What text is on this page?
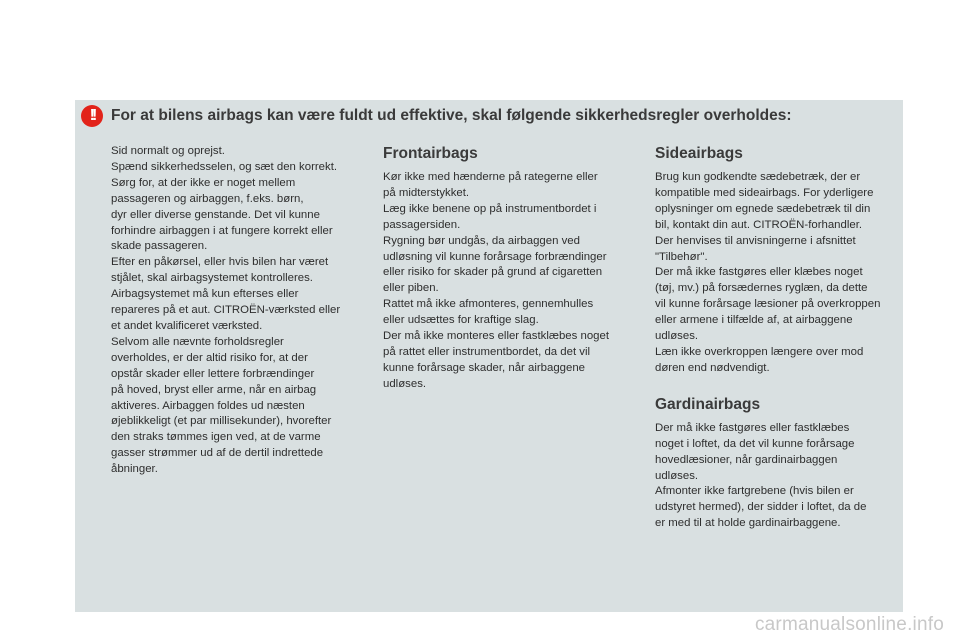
!!	For at bilens airbags kan være fuldt ud effektive, skal følgende sikkerhedsregler overholdes:

Sid normalt og oprejst.

Spænd sikkerhedsselen, og sæt den korrekt.

Sørg for, at der ikke er noget mellem

passageren og airbaggen, f.eks. børn,

dyr eller diverse genstande. Det vil kunne

forhindre airbaggen i at fungere korrekt eller

skade passageren.

Efter en påkørsel, eller hvis bilen har været

stjålet, skal airbagsystemet kontrolleres.

Airbagsystemet må kun efterses eller

repareres på et aut. CITROËN-værksted eller

et andet kvalificeret værksted.

Selvom alle nævnte forholdsregler

overholdes, er der altid risiko for, at der

opstår skader eller lettere forbrændinger

på hoved, bryst eller arme, når en airbag

aktiveres. Airbaggen foldes ud næsten

øjeblikkeligt (et par millisekunder), hvorefter

den straks tømmes igen ved, at de varme

gasser strømmer ud af de dertil indrettede

åbninger.

Frontairbags

Kør ikke med hænderne på rategerne eller

på midterstykket.

Læg ikke benene op på instrumentbordet i

passagersiden.

Rygning bør undgås, da airbaggen ved

udløsning vil kunne forårsage forbrændinger

eller risiko for skader på grund af cigaretten

eller piben.

Rattet må ikke afmonteres, gennemhulles

eller udsættes for kraftige slag.

Der må ikke monteres eller fastklæbes noget

på rattet eller instrumentbordet, da det vil

kunne forårsage skader, når airbaggene

udløses.

Sideairbags

Brug kun godkendte sædebetræk, der er

kompatible med sideairbags. For yderligere

oplysninger om egnede sædebetræk til din

bil, kontakt din aut. CITROËN-forhandler.

Der henvises til anvisningerne i afsnittet

"Tilbehør".

Der må ikke fastgøres eller klæbes noget

(tøj, mv.) på forsædernes ryglæn, da dette

vil kunne forårsage læsioner på overkroppen

eller armene i tilfælde af, at airbaggene

udløses.

Læn ikke overkroppen længere over mod

døren end nødvendigt.

Gardinairbags

Der må ikke fastgøres eller fastklæbes

noget i loftet, da det vil kunne forårsage

hovedlæsioner, når gardinairbaggen

udløses.

Afmonter ikke fartgrebene (hvis bilen er

udstyret hermed), der sidder i loftet, da de

er med til at holde gardinairbaggene.

carmanualsonline.info
